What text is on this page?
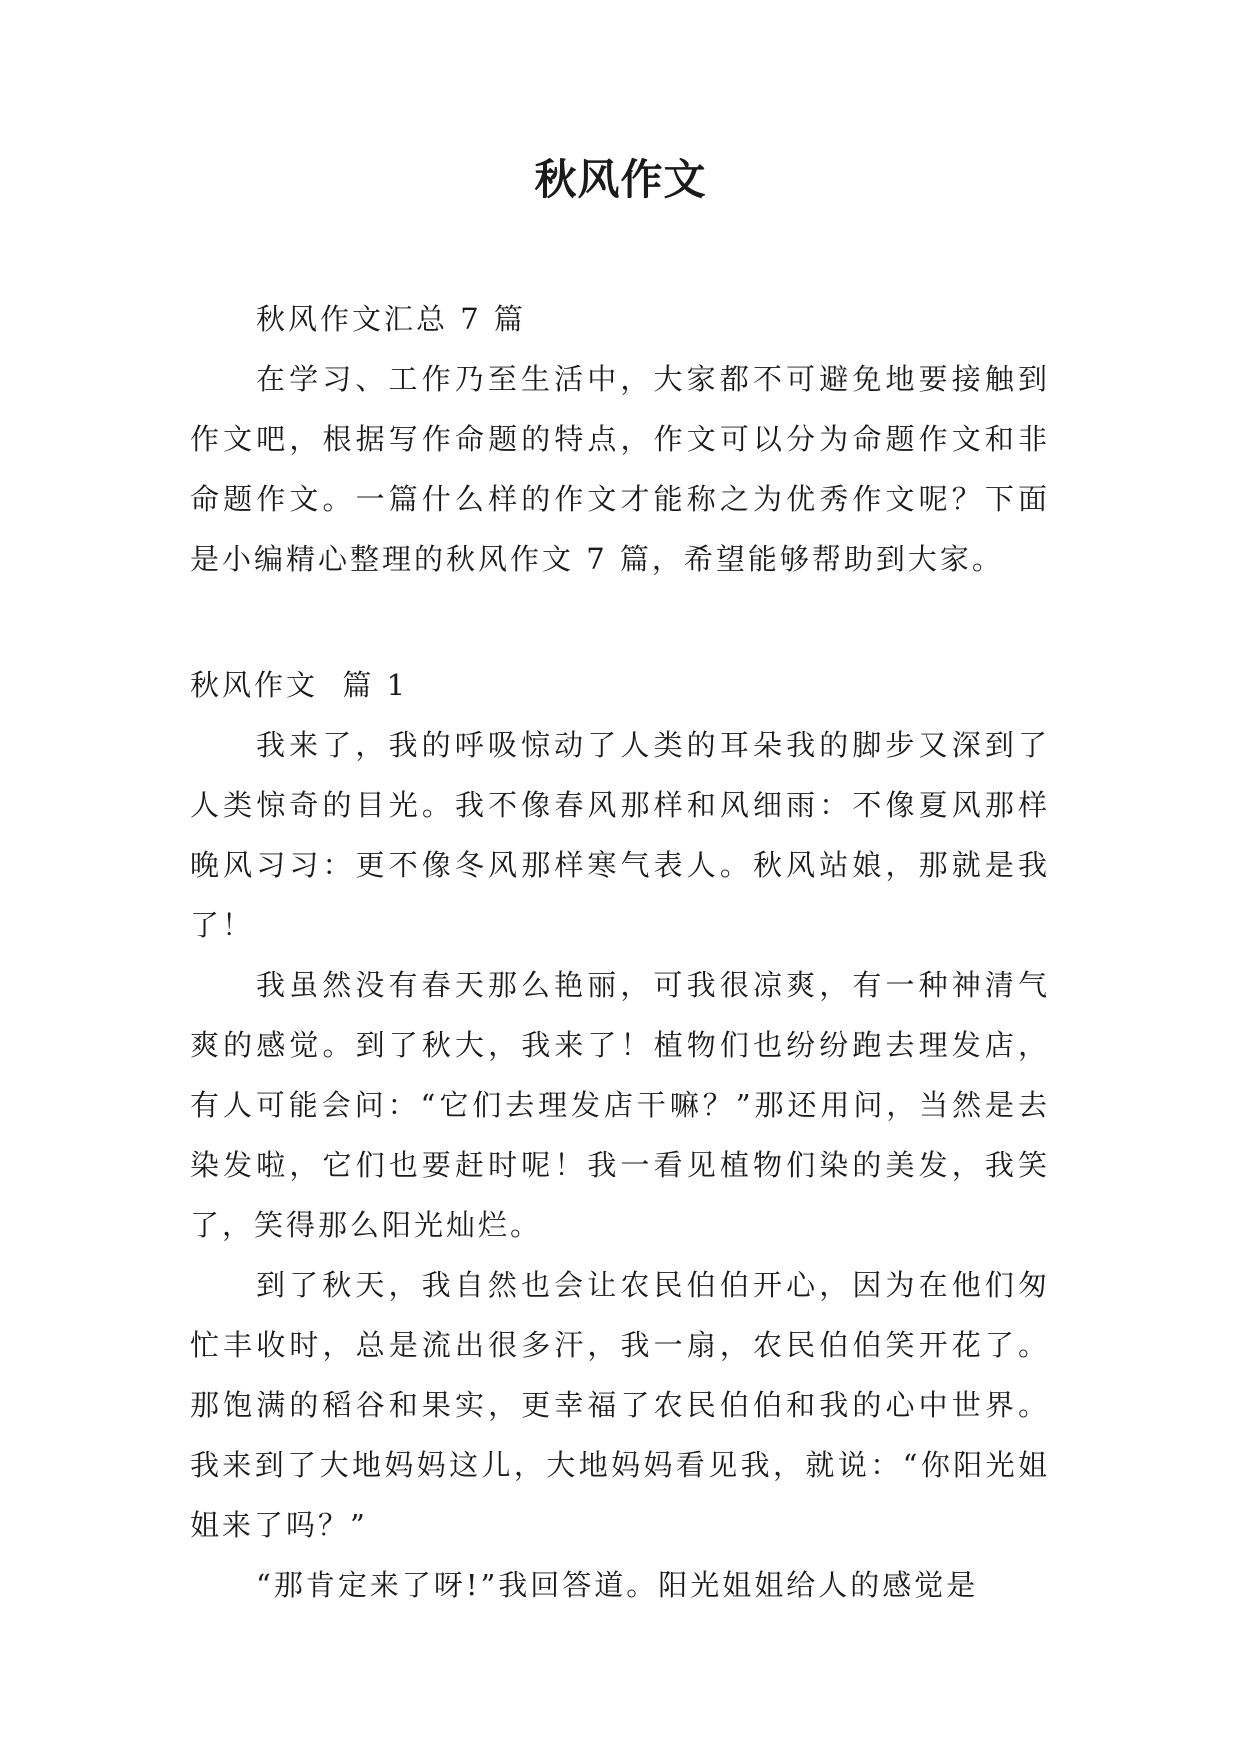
秋风作文

秋风作文汇总 7 篇

在学习、工作乃至生活中，大家都不可避免地要接触到作文吧，根据写作命题的特点，作文可以分为命题作文和非命题作文。一篇什么样的作文才能称之为优秀作文呢？下面是小编精心整理的秋风作文 7 篇，希望能够帮助到大家。

秋风作文  篇 1

我来了，我的呼吸惊动了人类的耳朵我的脚步又深到了人类惊奇的目光。我不像春风那样和风细雨：不像夏风那样晚风习习：更不像冬风那样寒气表人。秋风站娘，那就是我了！

我虽然没有春天那么艳丽，可我很凉爽，有一种神清气爽的感觉。到了秋大，我来了！植物们也纷纷跑去理发店，有人可能会问：“它们去理发店干嘛？”那还用问，当然是去染发啦，它们也要赶时呢！我一看见植物们染的美发，我笑了，笑得那么阳光灿烂。

到了秋天，我自然也会让农民伯伯开心，因为在他们匆忙丰收时，总是流出很多汗，我一扇，农民伯伯笑开花了。那饱满的稻谷和果实，更幸福了农民伯伯和我的心中世界。我来到了大地妈妈这儿，大地妈妈看见我，就说：“你阳光姐姐来了吗？”

“那肯定来了呀!”我回答道。阳光姐姐给人的感觉是
